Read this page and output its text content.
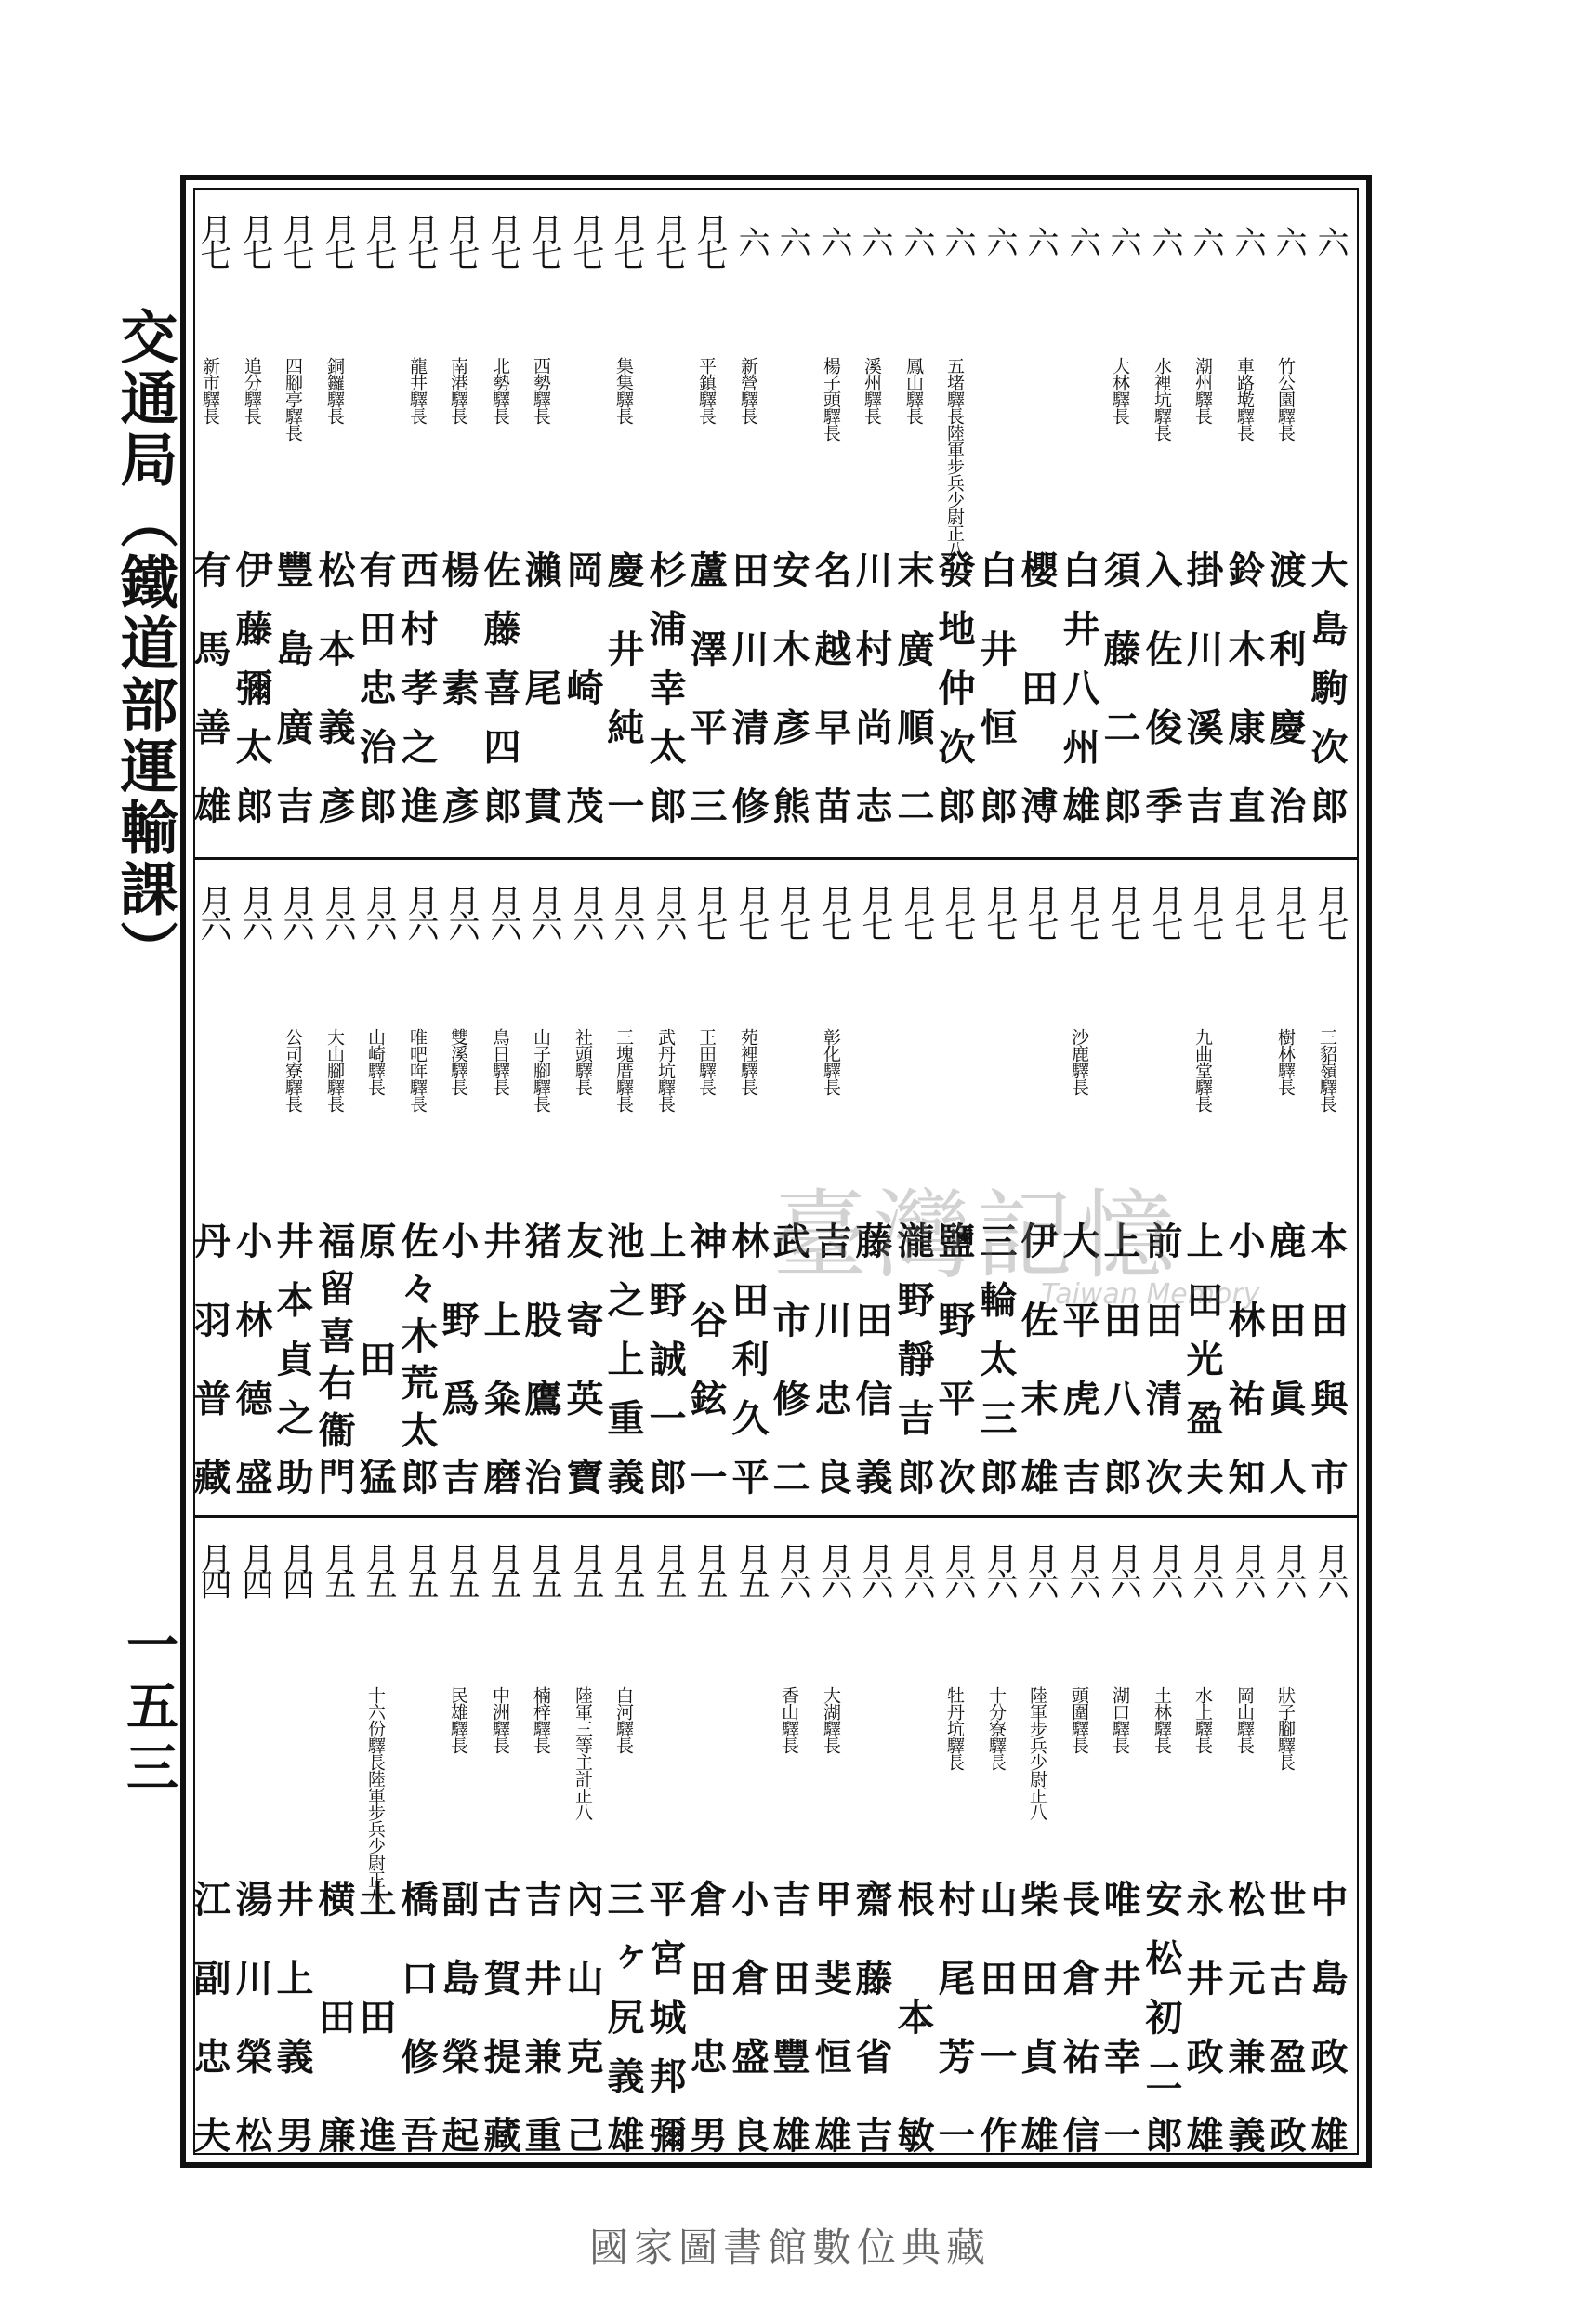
六
大島駒次郎
六
竹公園驛長
渡利慶治
六
車路墘驛長
鈴木康直
六
潮州驛長
掛川溪吉
六
水裡坑驛長
入佐俊季
六
大林驛長
須藤二郎
六
白井八州雄
六
櫻田溥
六
白井恒郎
六
五堵驛長陸軍步兵少尉正八
發地仲次郎
六
鳳山驛長
末廣順二
六
溪州驛長
川村尚志
六
楊子頭驛長
名越早苗
六
安木彥熊
六
新營驛長
田川清修
月七
平鎮驛長
蘆澤平三
月七
杉浦幸太郎
月七
集集驛長
慶井純一
月七
岡崎茂
月七
西勢驛長
瀨尾貫
月七
北勢驛長
佐藤喜四郎
月七
南港驛長
楊素彥
月七
龍井驛長
西村孝之進
月七
有田忠治郎
月七
銅鑼驛長
松本義彥
月七
四腳亭驛長
豐島廣吉
月七
追分驛長
伊藤彌太郎
月七
新市驛長
有馬善雄
月七
三貂嶺驛長
本田與市
月七
樹林驛長
鹿田眞人
月七
小林祐知
月七
九曲堂驛長
上田光盈夫
月七
前田清次
月七
上田八郎
月七
沙鹿驛長
大平虎吉
月七
伊佐末雄
月七
三輪太三郎
月七
鹽野平次
月七
瀧野靜吉郎
月七
藤田信義
月七
彰化驛長
吉川忠良
月七
武市修二
月七
苑裡驛長
林田利久平
月七
王田驛長
神谷鉉一
月六
武丹坑驛長
上野誠一郎
月六
三塊厝驛長
池之上重義
月六
社頭驛長
友寄英寶
月六
山子腳驛長
猪股鷹治
月六
鳥日驛長
井上粂磨
月六
雙溪驛長
小野爲吉
月六
唯吧哖驛長
佐々木荒太郎
月六
山崎驛長
原田猛
月六
大山腳驛長
福留喜右衞門
月六
公司寮驛長
井本貞之助
月六
小林德盛
月六
丹羽普藏
月六
中島政雄
月六
狀子腳驛長
世古盈政
月六
岡山驛長
松元兼義
月六
水上驛長
永井政雄
月六
土林驛長
安松初二郎
月六
湖口驛長
唯井幸一
月六
頭圍驛長
長倉祐信
月六
陸軍步兵少尉正八
柴田貞雄
月六
十分寮驛長
山田一作
月六
牡丹坑驛長
村尾芳一
月六
根本敏
月六
齋藤省吉
月六
大湖驛長
甲斐恒雄
月六
香山驛長
吉田豐雄
月五
小倉盛良
月五
倉田忠男
月五
平宮城邦彌
月五
白河驛長
三ヶ尻義雄
月五
陸軍三等主計正八
內山克己
月五
楠梓驛長
吉井兼重
月五
中洲驛長
古賀提藏
月五
民雄驛長
副島榮起
月五
橋口修吾
月五
十六份驛長陸軍步兵少尉正八
土田進
月五
横田廉
月四
井上義男
月四
湯川榮松
月四
江副忠夫
交通局（鐵道部運輸課）
一五三
臺灣記憶
Taiwan Memory
國家圖書館數位典藏
